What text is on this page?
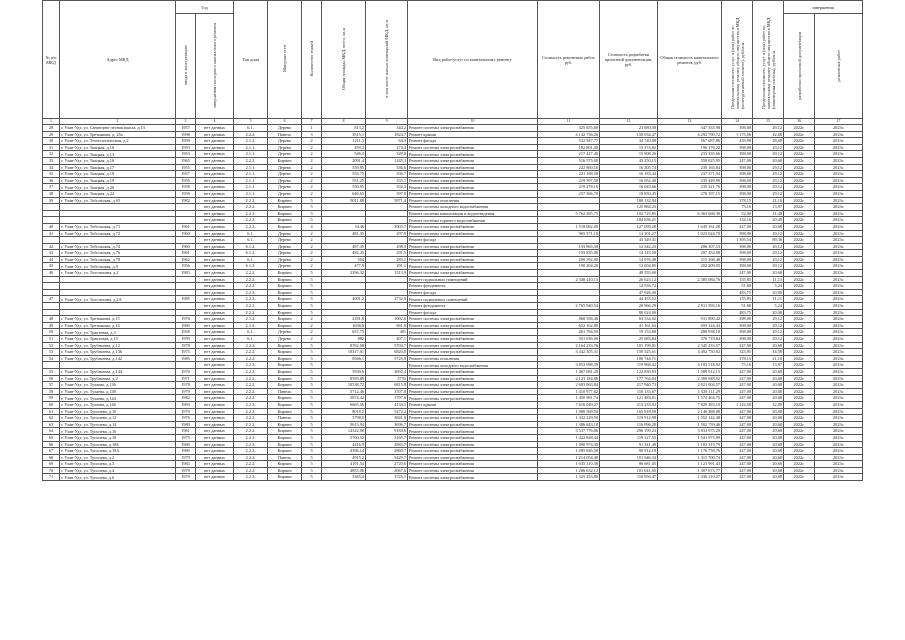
№ п/п МКД	Адрес МКД	Год		Тип дома	Материал стен	Количество этажей	Общая площадь МКД, всего, кв.м	в том числе жилых помещений МКД, кв.м	Вид работ/услуг по капитальному ремонту	Стоимость ремонтных работ, руб.	Стоимость разработки проектной документации, руб.	Общая стоимость капитального ремонта, руб.	Предельная стоимость услуг и (или) работ по капитальному ремонту общего имущества в МКД (конструктивный элемент), руб/кв.м	Предельная стоимость услуг и (или) работ по капитальному ремонту общего имущества в МКД (инженерная система), руб/кв.м	завершения	
		ввода в эксплуатацию	завершения последнего капитального ремонта												разработки проектной документации	ремонтных работ
1	2	3	4	5	6	7	8	9	10	11	12	13	14	15	16	17
28	г. Улан-Удэ, ул. Санаторно-лесная школа, д.13	1957	нет данных	6.1.	Дерево	1	813,2	344,2	Ремонт системы электроснабжения	325 655,60	23 680,38	347 335,98	398,00	29,12	2022г.	2023г.
29	г. Улан-Удэ, ул. Третьякова, д. 25а	1998	нет данных	2.2.2.	Панель	3	3515,1	1824,7	Ремонт крыши	4 142 756,26	150 034,47	4 292 790,72	1 175,56	42,68	2022г.	2023г.
30	г. Улан-Удэ, ул. Технологическая, д.2	1959	нет данных	2.1.2.	Дерево	2	1211,3	64,3	Ремонт фасада	532 947,77	34 740,08	567 687,86	439,98	28,68	2022г.	2023г.
31	г. Улан-Удэ, ул. Ткацкая, д.10	1953	нет данных	2.1.1.	Дерево	2	459,3	274,4	Ремонт системы электроснабжения	182 801,40	13 374,82	196 176,22	398,00	29,12	2022г.	2023г.
32	г. Улан-Удэ, ул. Ткацкая, д.13	1953	нет данных	2.1.1.	Дерево	2	546,3	329,0	Ремонт системы электроснабжения	217 427,40	15 908,26	233 335,66	398,00	29,12	2022г.	2023г.
33	г. Улан-Удэ, ул. Ткацкая, д.16	1965	нет данных	2.2.2.	Кирпич	2	2091,4	1245,3	Ремонт системы электроснабжения	516 575,80	43 250,15	559 825,95	247,00	20,68	2022г.	2023г.
34	г. Улан-Удэ, ул. Ткацкая, д.17	1955	нет данных	2.1.1.	Дерево	2	559,95	336,6	Ремонт системы электроснабжения	222 860,10	16 305,74	239 165,84	398,00	29,12	2022г.	2023г.
35	г. Улан-Удэ, ул. Ткацкая, д.18	1957	нет данных	2.1.1.	Дерево	2	555,75	336,7	Ремонт системы электроснабжения	221 188,50	16 183,44	237 371,94	398,00	29,12	2022г.	2023г.
36	г. Улан-Удэ, ул. Ткацкая, д.19	1955	нет данных	2.1.1.	Дерево	2	551,25	335,1	Ремонт системы электроснабжения	219 397,50	16 052,40	235 449,90	398,00	29,12	2022г.	2023г.
37	г. Улан-Удэ, ул. Ткацкая, д.20	1958	нет данных	2.1.1.	Дерево	2	550,95	332,3	Ремонт системы электроснабжения	219 278,10	16 043,66	235 321,76	398,00	29,12	2022г.	2023г.
38	г. Улан-Удэ, ул. Ткацкая, д.22	1959	нет данных	2.1.1.	Дерево	2	646,65	397,8	Ремонт системы электроснабжения	257 366,70	18 830,45	276 197,15	398,00	29,12	2022г.	2023г.
39	г. Улан-Удэ, ул. Тобольская, д.65	1982	нет данных	2.2.2.	Кирпич	5	9011,88	5871,4	Ремонт системы отопления		180 132,94		378,15	21,10	2022г.	2023г.
			нет данных	2.2.2.	Кирпич	5			Ремонт системы холодного водоснабжения		125 884,23		75,16	13,97	2022г.	2023г.
			нет данных	2.2.2.	Кирпич	5			Ремонт системы канализации и водоотведения	5 762 285,75	102 725,85	6 363 668,39	52,00	11,40	2022г.	2023г.
			нет данных	2.2.2.	Кирпич	5			Ремонт системы горячего водоснабжения		184 636,21		134,16	20,49	2022г.	2023г.
40	г. Улан-Удэ, ул. Тобольская, д.71	1961	нет данных	2.2.2.	Кирпич	4	6146	3903,7	Ремонт системы электроснабжения	1 518 062,00	127 099,28	1 645 161,28	247,00	20,68	2022г.	2023г.
41	г. Улан-Удэ, ул. Тобольская, д.72	1960	нет данных	6.1.	Дерево	2	481,35	297,9	Ремонт системы электроснабжения	965 571,10	14 101,27	1 023 024,70	398,00	29,12	2022г.	2023г.
			нет данных	6.1.	Дерево	2			Ремонт фасада		43 349,31		1 395,54	89,30	2022г.	2023г.
42	г. Улан-Удэ, ул. Тобольская, д.74	1960	нет данных	6.1.2.	Дерево	2	487,35	298,3	Ремонт системы электроснабжения	193 965,30	12 342,23	206 307,53	398,00	29,12	2022г.	2023г.
43	г. Улан-Удэ, ул. Тобольская, д.76	1961	нет данных	6.1.2.	Дерево	2	482,25	291,5	Ремонт системы электроснабжения	193 835,00	14 143,58	207 452,88	398,00	29,12	2022г.	2023г.
44	г. Улан-Удэ, ул. Тобольская, д.78	1962	нет данных	6.1.	Дерево	2	504	283,1	Ремонт системы электроснабжения	200 592,00	14 676,48	215 268,48	398,00	29,12	2022г.	2023г.
45	г. Улан-Удэ, ул. Тобольская, д.9	1956	нет данных	6.1.2.	Дерево	2	477,9	291,1	Ремонт системы электроснабжения	190 204,20	12 004,85	202 209,05	398,00	29,12	2022г.	2023г.
46	г. Улан-Удэ, ул. Толстихина, д.2	1983	нет данных	2.2.2.	Кирпич	5	2396,32	1513,9	Ремонт системы электроснабжения		49 555,00		247,00	20,68	2022г.	2023г.
			нет данных	2.2.2.	Кирпич	5			Ремонт подвальных помещений	2 348 410,13	26 623,12	2 385 084,76	155,85	11,13	2022г.	2023г.
			нет данных	2.2.2.	Кирпич	5			Ремонт фундамента		12 536,72		51,68	5,24	2022г.	2023г.
			нет данных	2.2.2.	Кирпич	5			Ремонт фасада		47 926,40		483,75	20,00	2022г.	2023г.
47	г. Улан-Удэ, ул. Толстихина, д.2А	1985	нет данных	2.2.2.	Кирпич	5	4001,2	2732,9	Ремонт подвальных помещений		44 453,52		155,85	11,11	2022г.	2023г.
			нет данных	2.2.2.	Кирпич	5			Ремонт фундамента	2 765 940,54	20 966,29	2 911 393,16	51,68	5,24	2022г.	2023г.
			нет данных	2.2.2.	Кирпич	5			Ремонт фасада		80 024,00		483,75	20,00	2022г.	2023г.
48	г. Улан-Удэ, ул. Третьякова, д.15	1976	нет данных	2.1.2.	Кирпич	2	2181,8	1002,6	Ремонт системы электроснабжения	868 356,40	63 534,02	931 890,42	398,00	29,12	2022г.	2023г.
49	г. Улан-Удэ, ул. Третьякова, д.14	1980	нет данных	2.1.2.	Кирпич	2	1638,6	861,6	Ремонт системы электроснабжения	652 162,80	41 161,63	693 324,43	398,00	29,12	2022г.	2023г.
50	г. Улан-Удэ, ул. Трактовая, д.3	1958	нет данных	6.1.	Дерево	2	657,75	401	Ремонт системы электроснабжения	261 784,50	19 153,68	280 938,18	398,00	29,12	2022г.	2023г.
51	г. Улан-Удэ, ул. Трактовая, д.13	1959	нет данных	6.1.	Дерево	2	882	407,1	Ремонт системы электроснабжения	351 036,00	25 683,84	376 719,84	398,00	29,12	2022г.	2023г.
52	г. Улан-Удэ, ул. Трубачеева, д.12	1978	нет данных	2.2.2.	Кирпич	5	8762,08	5704,7	Ремонт системы электроснабжения	2 164 233,76	181 199,81	2 345 433,57	247,00	20,68	2022г.	2023г.
53	г. Улан-Удэ, ул. Трубачеева, д.136	1975	нет данных	2.2.2.	Кирпич	5	10317,01	6820,8	Ремонт системы электроснабжения	3 342 305,31	150 525,61	3 492 730,92	323,95	14,59	2022г.	2023г.
54	г. Улан-Удэ, ул. Трубачеева, д.142	1985	нет данных	2.2.2.	Кирпич	5	8566,1	5725,9	Ремонт системы отопления		180 744,71		378,15	21,10	2022г.	2023г.
			нет данных	2.2.2.	Кирпич	5			Ремонт системы холодного водоснабжения	3 853 098,39	119 968,42	4 183 518,92	75,16	13,97	2022г.	2023г.
55	г. Улан-Удэ, ул. Трубачеева, д.144	1970	нет данных	2.2.2.	Кирпич	5	5939,6	3692,4	Ремонт системы электроснабжения	1 467 081,20	122 830,93	1 589 912,13	247,00	20,68	2022г.	2023г.
56	г. Улан-Удэ, ул. Трубачеева, д.2	1971	нет данных	2.2.2.	Кирпич	5	8595,89	5755	Ремонт системы электроснабжения	2 123 184,88	177 764,04	2 300 948,92	247,00	20,68	2022г.	2023г.
57	г. Улан-Удэ, ул. Тулаева, д.136	1978	нет данных	2.2.2.	Кирпич	5	10538,72	6815,8	Ремонт системы электроснабжения	2 603 063,84	217 940,73	2 821 004,57	247,00	20,68	2022г.	2023г.
58	г. Улан-Удэ, ул. Тулаева, д.138	1979	нет данных	2.2.2.	Панель	5	5712,46	3707,8	Ремонт системы электроснабжения	1 410 977,62	118 133,67	1 529 111,29	247,00	20,68	2022г.	2023г.
59	г. Улан-Удэ, ул. Тулаева, д.144	1982	нет данных	2.2.2.	Кирпич	5	5874,42	3797,6	Ремонт системы электроснабжения	1 450 981,74	121 483,01	1 572 464,75	247,00	20,68	2022г.	2023г.
60	г. Улан-Удэ, ул. Тулаева, д.146	1983	нет данных	2.2.2.	Кирпич	5	6665,56	4134,1	Ремонт крыши	7 616 049,27	213 233,92	7 829 283,19	1 142,50	32,00	2022г.	2023г.
61	г. Улан-Удэ, ул. Туполева, д.10	1979	нет данных	2.2.2.	Кирпич	5	8018,5	5272,2	Ремонт системы электроснабжения	1 980 569,50	165 818,58	2 146 388,08	247,00	20,68	2022г.	2023г.
62	г. Улан-Удэ, ул. Туполева, д.12	1976	нет данных	2.2.2.	Панель	5	5798,5	3841,9	Ремонт системы электроснабжения	1 432 229,50	119 912,98	1 552 142,48	247,00	20,68	2022г.	2023г.
63	г. Улан-Удэ, ул. Туполева, д.14	1980	нет данных	2.2.2.	Кирпич	5	5613,94	3696,7	Ремонт системы электроснабжения	1 386 643,18	116 096,28	1 502 739,46	247,00	20,68	2022г.	2023г.
64	г. Улан-Удэ, ул. Туполева, д.16	1961	нет данных	2.2.2.	Кирпич	5	14322,98	9184,6	Ремонт системы электроснабжения	3 537 776,06	296 199,23	3 833 975,29	247,00	20,68	2022г.	2023г.
65	г. Улан-Удэ, ул. Туполева, д.18	1975	нет данных	2.2.2.	Кирпич	5	5760,52	3165,7	Ремонт системы электроснабжения	1 422 848,44	119 127,55	1 541 975,99	247,00	20,68	2022г.	2023г.
66	г. Улан-Удэ, ул. Туполева, д.18Б	1980	нет данных	2.2.2.	Кирпич	5	4416,9	2883,7	Ремонт системы электроснабжения	1 090 974,30	91 341,49	1 182 315,79	247,00	20,68	2022г.	2023г.
67	г. Улан-Удэ, ул. Туполева, д.18А	1980	нет данных	2.2.2.	Кирпич	5	4396,14	2860,7	Ремонт системы электроснабжения	1 085 846,58	90 912,18	1 176 758,76	247,00	20,68	2022г.	2023г.
68	г. Улан-Удэ, ул. Туполева, д.2	1979	нет данных	2.2.2.	Панель	5	4915,2	3429,7	Ремонт системы электроснабжения	1 214 054,40	101 646,34	1 315 700,74	247,00	20,68	2022г.	2023г.
69	г. Улан-Удэ, ул. Туполева, д.3	1983	нет данных	2.2.2.	Кирпич	5	4191,54	2720,6	Ремонт системы электроснабжения	1 035 310,38	86 681,05	1 121 991,43	247,00	20,68	2022г.	2023г.
70	г. Улан-Удэ, ул. Туполева, д.4	1979	нет данных	2.2.2.	Кирпич	5	4855,06	3067,6	Ремонт системы электроснабжения	1 206 632,12	101 041,65	1 307 673,77	247,00	20,68	2022г.	2023г.
71	г. Улан-Удэ, ул. Туполева, д.6	1979	нет данных	2.2.2.	Кирпич	5	5365,4	3725,1	Ремонт системы электроснабжения	1 325 253,80	110 956,47	1 436 210,27	247,00	20,68	2022г.	2023г.
